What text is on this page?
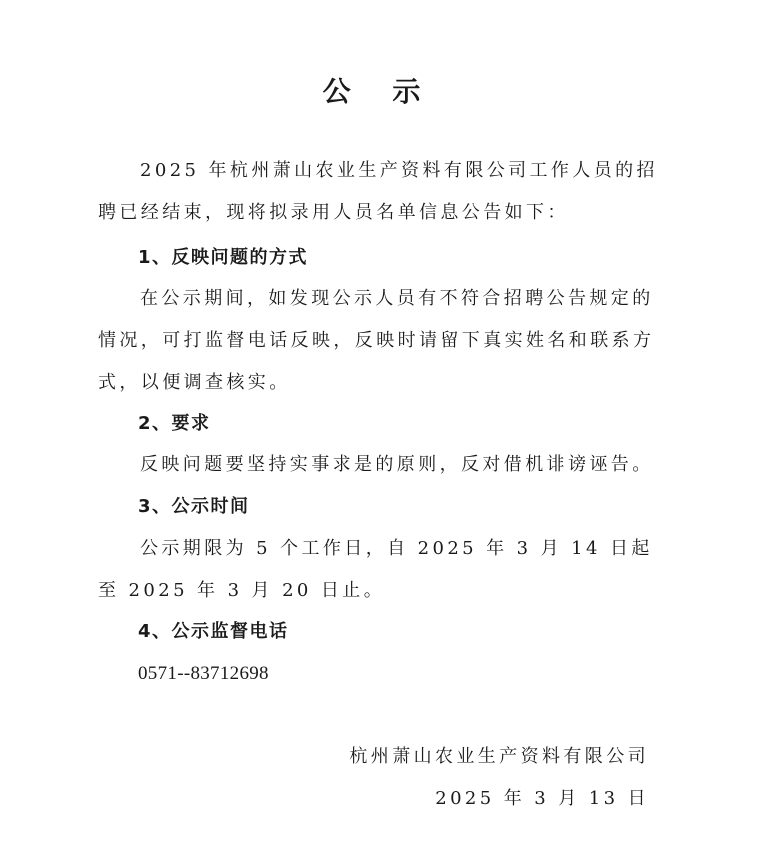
公 示
2025 年杭州萧山农业生产资料有限公司工作人员的招聘已经结束，现将拟录用人员名单信息公告如下：
1、反映问题的方式
在公示期间，如发现公示人员有不符合招聘公告规定的情况，可打监督电话反映，反映时请留下真实姓名和联系方式，以便调查核实。
2、要求
反映问题要坚持实事求是的原则，反对借机诽谤诬告。
3、公示时间
公示期限为 5 个工作日，自 2025 年 3 月 14 日起至 2025 年 3 月 20 日止。
4、公示监督电话
0571--83712698
杭州萧山农业生产资料有限公司
2025 年 3 月 13 日
